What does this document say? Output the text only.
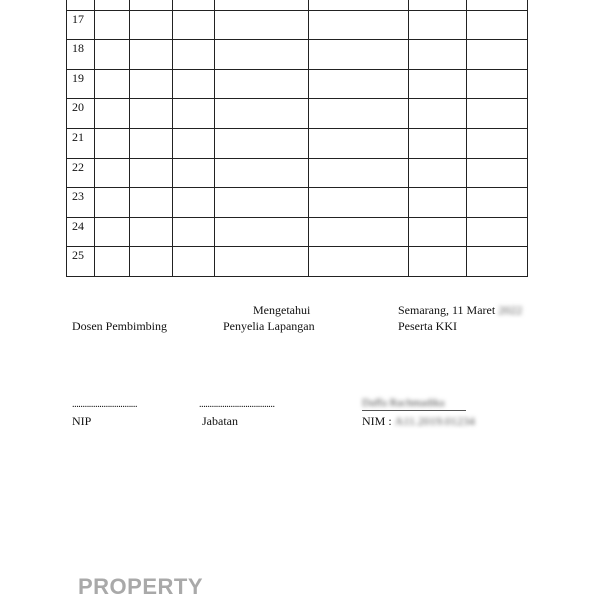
17							
18							
19							
20							
21							
22							
23							
24							
25							
Mengetahui	Semarang, 11 Maret 2022
Dosen Pembimbing	Penyelia Lapangan	Peserta KKI
...............................	....................................	Daffa Rachmadika
NIP	Jabatan	NIM : A11.2019.01234
PROPERTY
